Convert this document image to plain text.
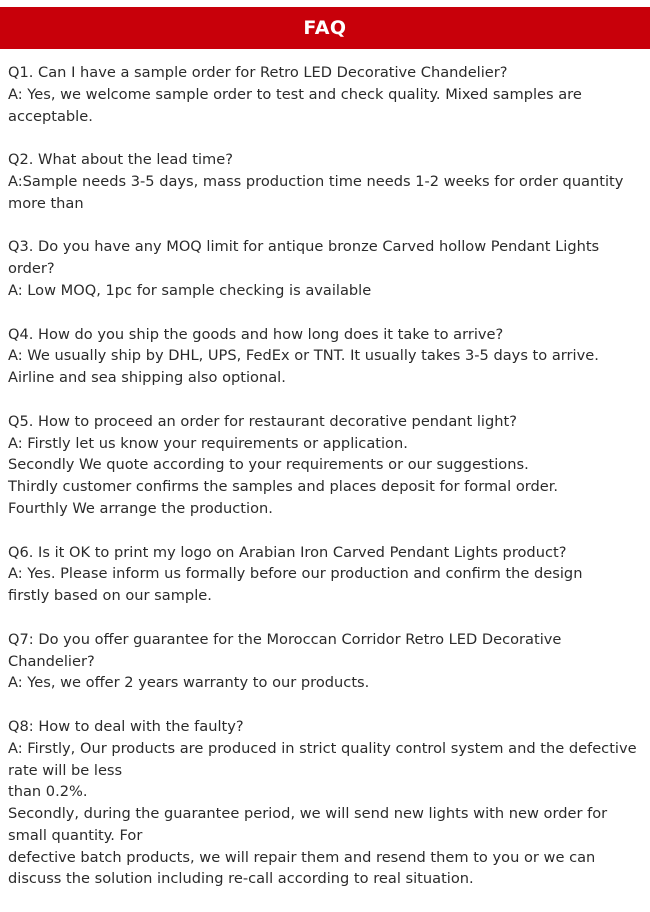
FAQ
Q1. Can I have a sample order for Retro LED Decorative Chandelier?
A: Yes, we welcome sample order to test and check quality. Mixed samples are
acceptable.
Q2. What about the lead time?
A:Sample needs 3-5 days, mass production time needs 1-2 weeks for order quantity
more than
Q3. Do you have any MOQ limit for antique bronze Carved hollow Pendant Lights
order?
A: Low MOQ, 1pc for sample checking is available
Q4. How do you ship the goods and how long does it take to arrive?
A: We usually ship by DHL, UPS, FedEx or TNT. It usually takes 3-5 days to arrive.
Airline and sea shipping also optional.
Q5. How to proceed an order for restaurant decorative pendant light?
A: Firstly let us know your requirements or application.
Secondly We quote according to your requirements or our suggestions.
Thirdly customer confirms the samples and places deposit for formal order.
Fourthly We arrange the production.
Q6. Is it OK to print my logo on Arabian Iron Carved Pendant Lights product?
A: Yes. Please inform us formally before our production and confirm the design
firstly based on our sample.
Q7: Do you offer guarantee for the Moroccan Corridor Retro LED Decorative
Chandelier?
A: Yes, we offer 2 years warranty to our products.
Q8: How to deal with the faulty?
A: Firstly, Our products are produced in strict quality control system and the defective
rate will be less
than 0.2%.
Secondly, during the guarantee period, we will send new lights with new order for
small quantity. For
defective batch products, we will repair them and resend them to you or we can
discuss the solution including re-call according to real situation.
